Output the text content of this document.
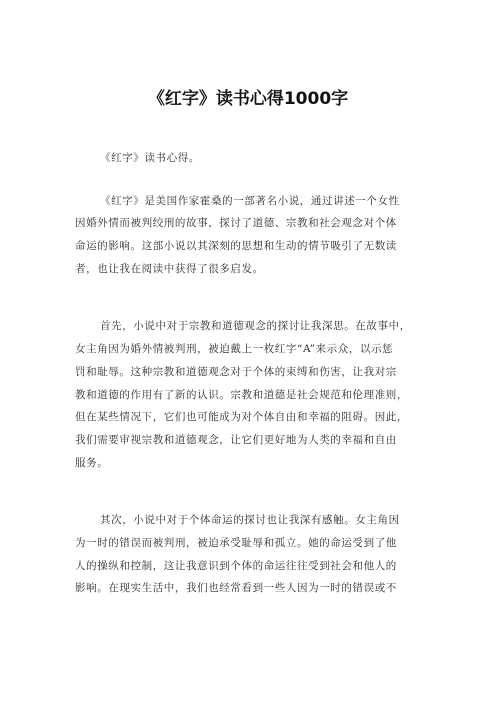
《红字》读书心得1000字
《红字》读书心得。
《红字》是美国作家霍桑的一部著名小说，通过讲述一个女性
因婚外情而被判绞刑的故事，探讨了道德、宗教和社会观念对个体
命运的影响。这部小说以其深刻的思想和生动的情节吸引了无数读
者，也让我在阅读中获得了很多启发。
首先，小说中对于宗教和道德观念的探讨让我深思。在故事中，
女主角因为婚外情被判刑，被迫戴上一枚红字“A”来示众，以示惩
罚和耻辱。这种宗教和道德观念对于个体的束缚和伤害，让我对宗
教和道德的作用有了新的认识。宗教和道德是社会规范和伦理准则，
但在某些情况下，它们也可能成为对个体自由和幸福的阻碍。因此，
我们需要审视宗教和道德观念，让它们更好地为人类的幸福和自由
服务。
其次，小说中对于个体命运的探讨也让我深有感触。女主角因
为一时的错误而被判刑，被迫承受耻辱和孤立。她的命运受到了他
人的操纵和控制，这让我意识到个体的命运往往受到社会和他人的
影响。在现实生活中，我们也经常看到一些人因为一时的错误或不
